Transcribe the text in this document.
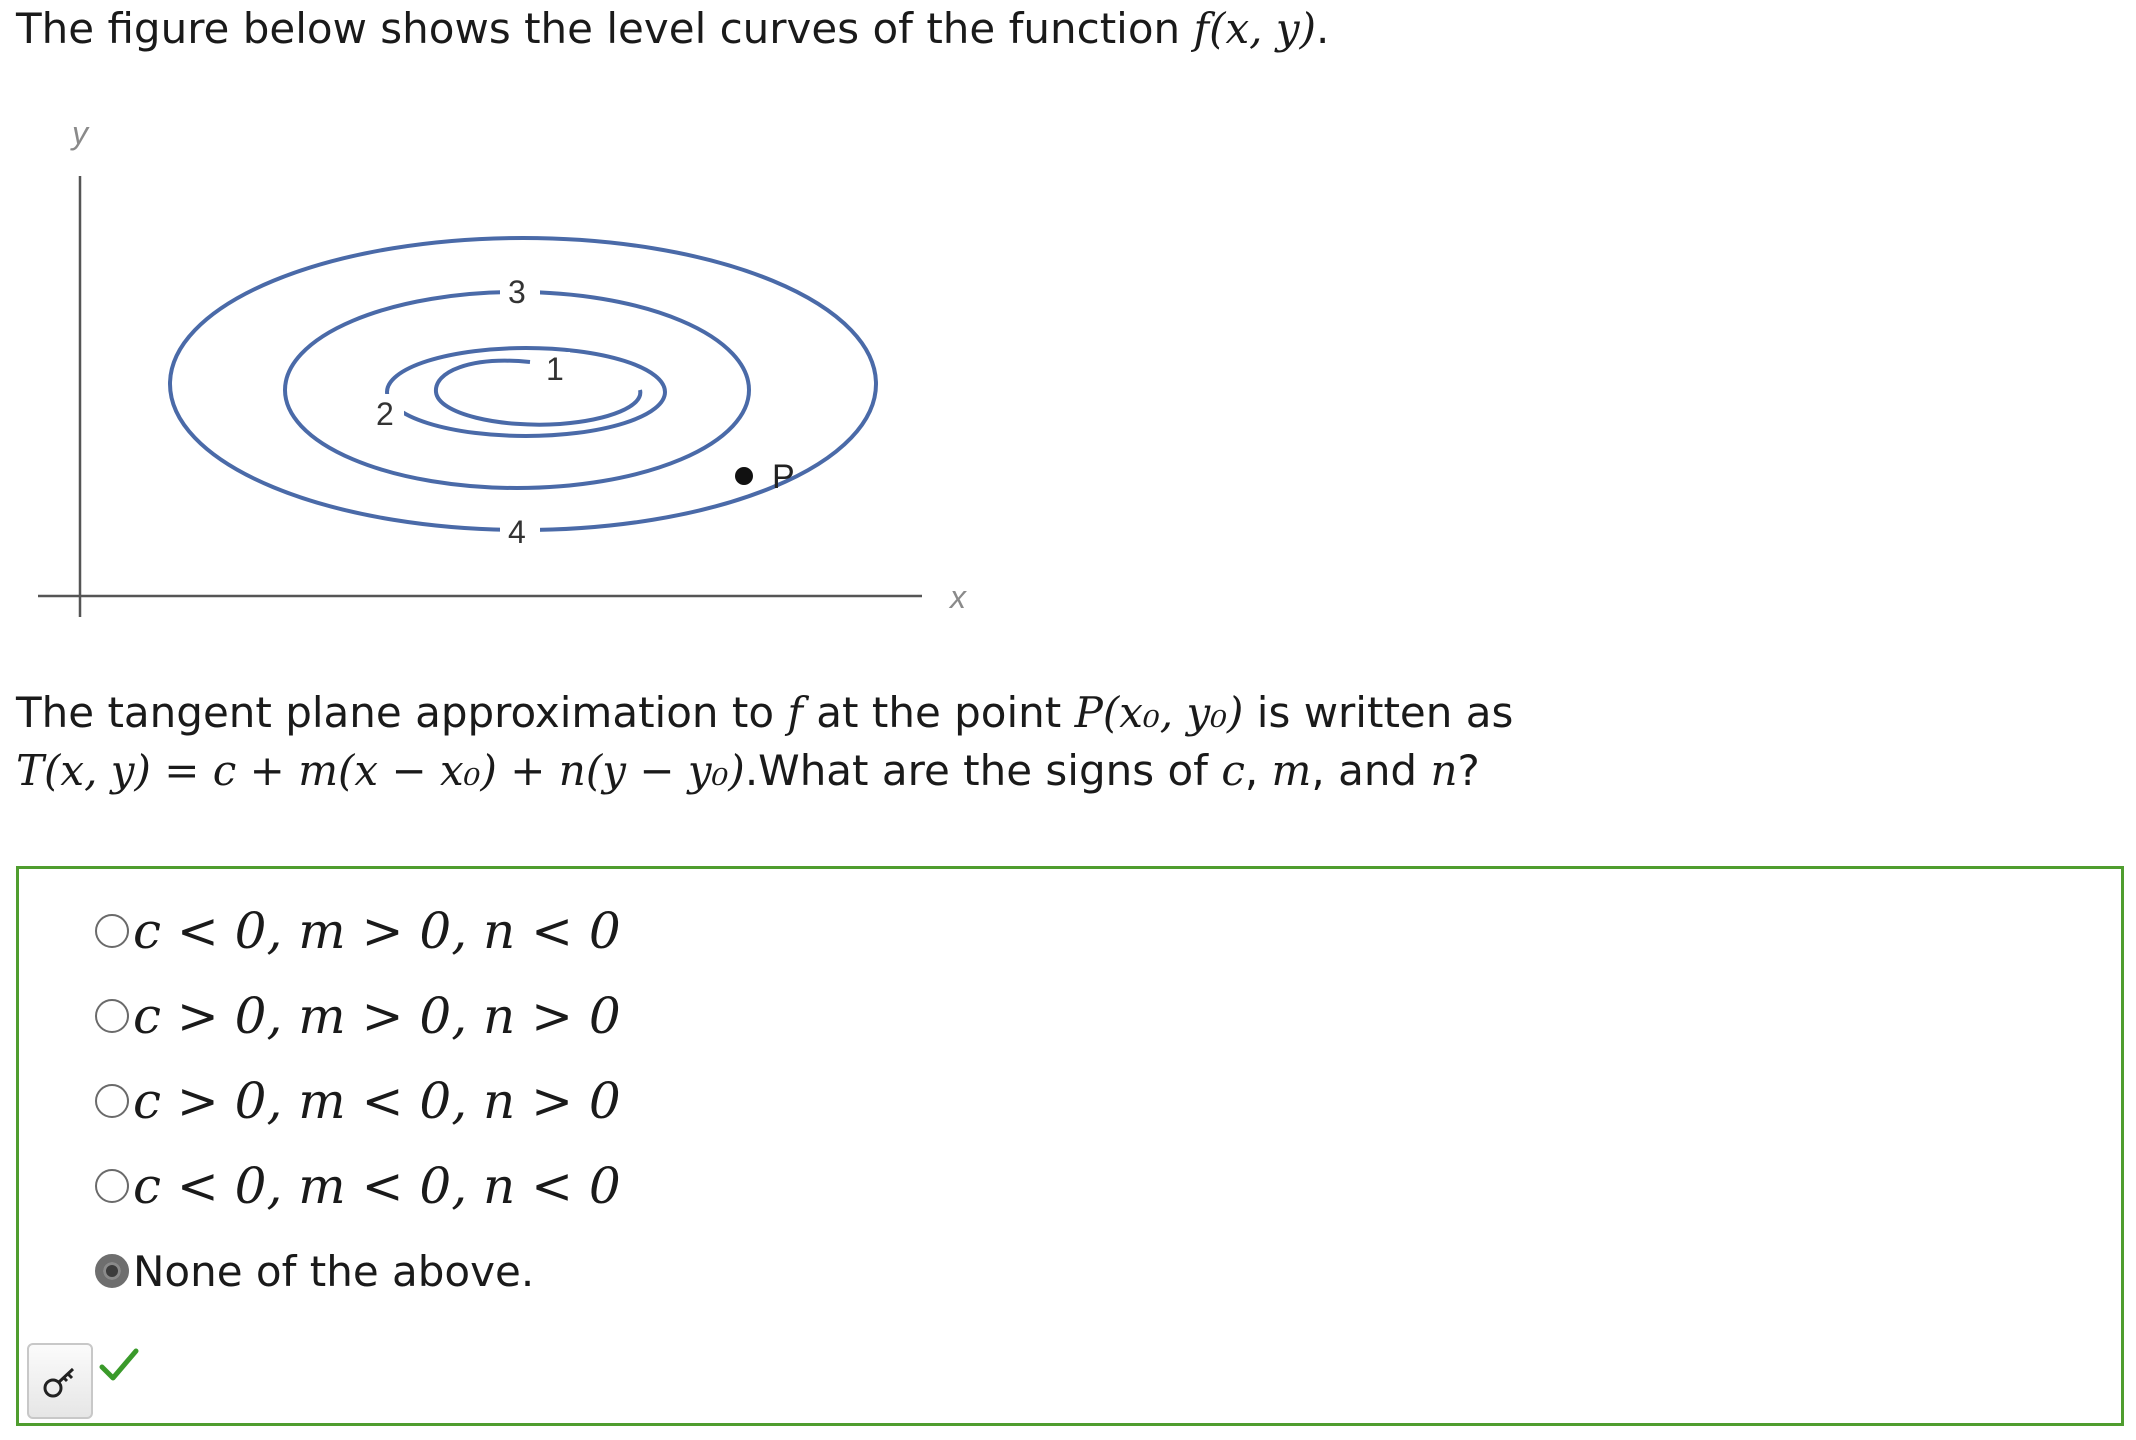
The figure below shows the level curves of the function f(x, y).
y
x
3
1
2
4
P
The tangent plane approximation to f at the point P(x₀, y₀) is written as
T(x, y) = c + m(x − x₀) + n(y − y₀).What are the signs of c, m, and n?
c < 0, m > 0, n < 0
c > 0, m > 0, n > 0
c > 0, m < 0, n > 0
c < 0, m < 0, n < 0
None of the above.
